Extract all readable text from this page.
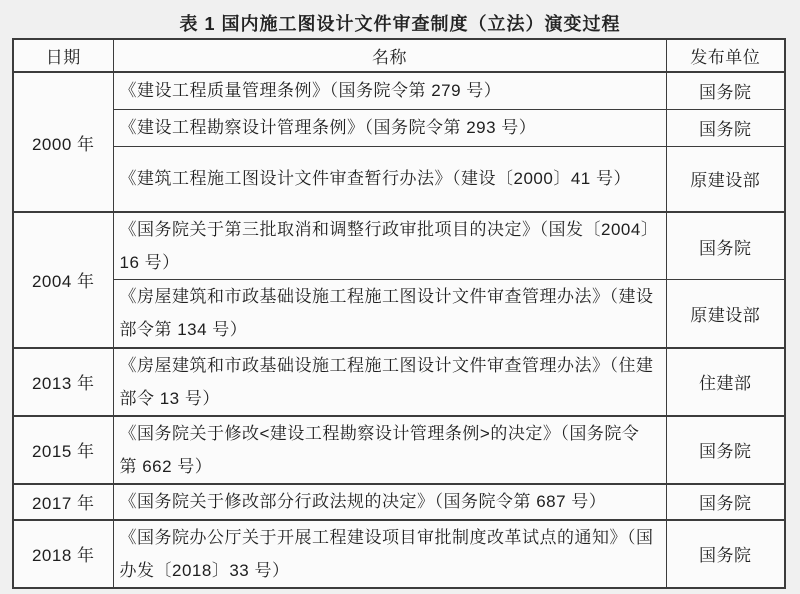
表 1 国内施工图设计文件审查制度（立法）演变过程
日期	名称	发布单位
2000 年	《建设工程质量管理条例》（国务院令第 279 号）	国务院
	《建设工程勘察设计管理条例》（国务院令第 293 号）	国务院
	《建筑工程施工图设计文件审查暂行办法》（建设〔2000〕41 号）	原建设部
2004 年	《国务院关于第三批取消和调整行政审批项目的决定》（国发〔2004〕16 号）	国务院
	《房屋建筑和市政基础设施工程施工图设计文件审查管理办法》（建设部令第 134 号）	原建设部
2013 年	《房屋建筑和市政基础设施工程施工图设计文件审查管理办法》（住建部令 13 号）	住建部
2015 年	《国务院关于修改<建设工程勘察设计管理条例>的决定》（国务院令第 662 号）	国务院
2017 年	《国务院关于修改部分行政法规的决定》（国务院令第 687 号）	国务院
2018 年	《国务院办公厅关于开展工程建设项目审批制度改革试点的通知》（国办发〔2018〕33 号）	国务院
